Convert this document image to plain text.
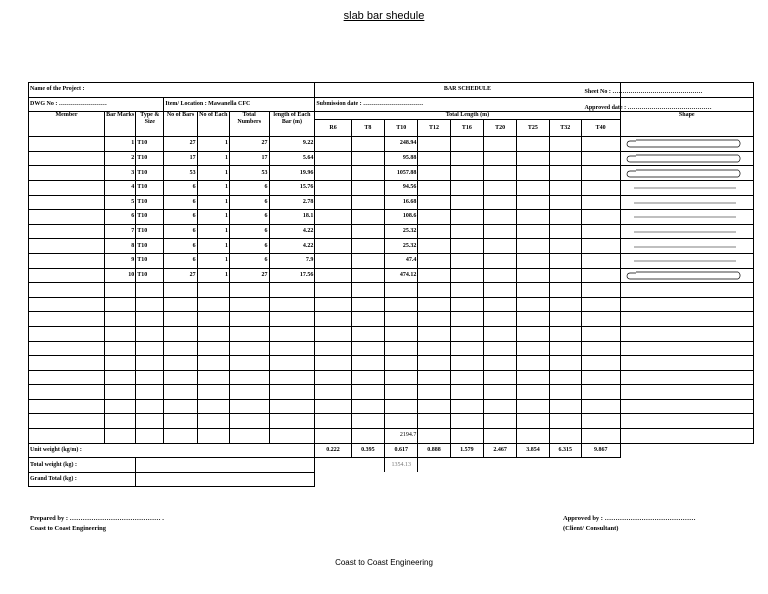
slab bar shedule
Name of the Project :							BAR SCHEDULE									Sheet No : ………………………………………

DWG No : ……………………			Item/ Location : Mawanella CFC				Submission date : …………………………									Approved date : ……………………………………

Member	Bar Marks	Type & Size	No of Bars	No of Each	Total Numbers	length of Each Bar (m)	Total Length (m)									Shape
							R6	T8	T10	T12	T16	T20	T25	T32	T40	
	1	T10	27	1	27	9.22			248.94							

	2	T10	17	1	17	5.64			95.88							

	3	T10	53	1	53	19.96			1057.88							

	4	T10	6	1	6	15.76			94.56							

	5	T10	6	1	6	2.78			16.68							

	6	T10	6	1	6	18.1			108.6							

	7	T10	6	1	6	4.22			25.32							

	8	T10	6	1	6	4.22			25.32							

	9	T10	6	1	6	7.9			47.4							

	10	T10	27	1	27	17.56			474.12							

									2194.7							
Unit weight (kg/m) :							0.222	0.395	0.617	0.888	1.579	2.467	3.854	6.315	9.867	
Total weight (kg) :									1354.13							
Grand Total (kg) :																
Prepared by : …………………………………… .
Coast to Coast Engineering
Approved by : ……………………………………
(Client/ Consultant)
Coast to Coast Engineering
